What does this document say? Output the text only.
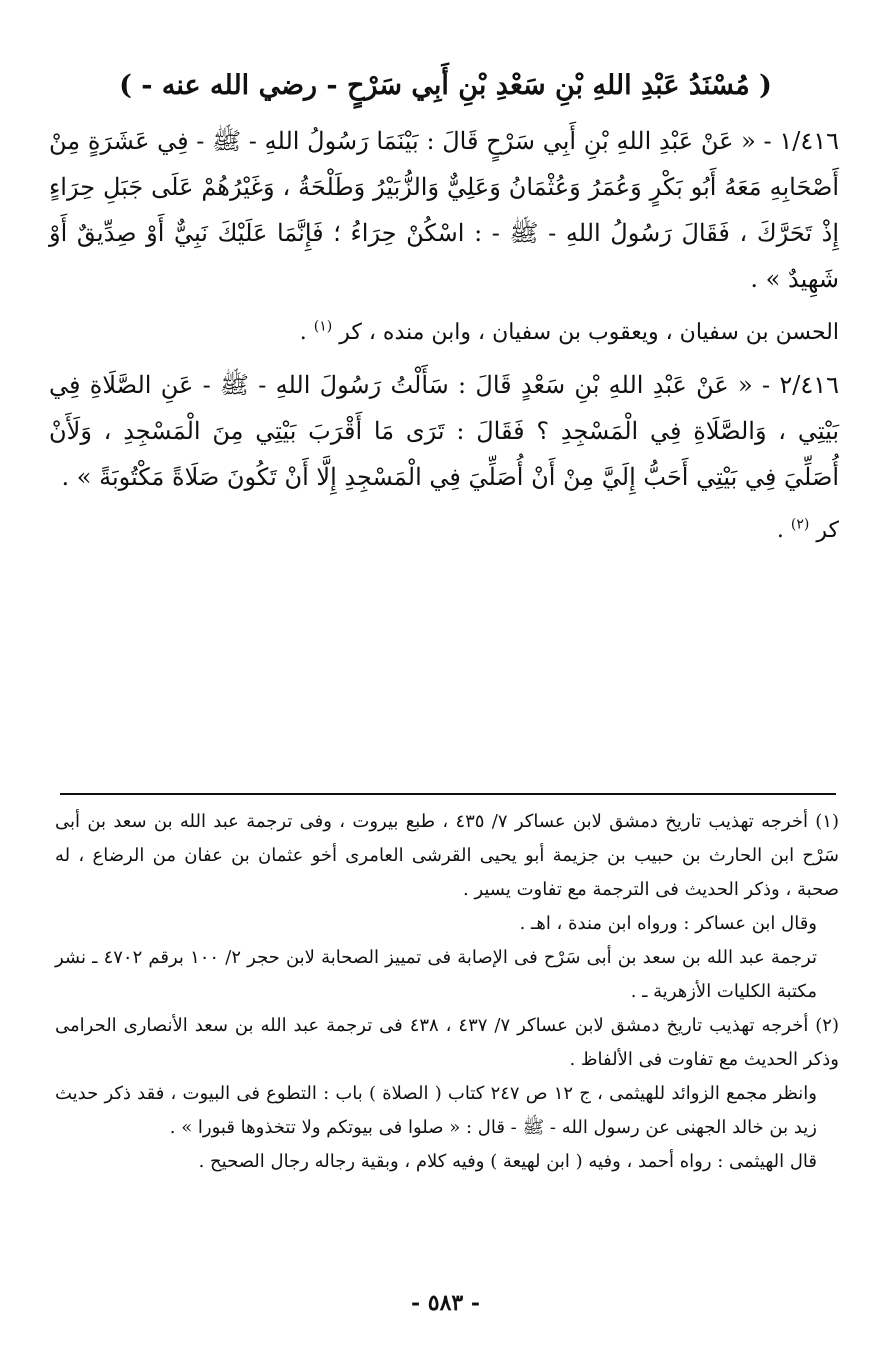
( مُسْنَدُ عَبْدِ اللهِ بْنِ سَعْدِ بْنِ أَبِي سَرْحٍ - رضي الله عنه - )

١/٤١٦ - « عَنْ عَبْدِ اللهِ بْنِ أَبِي سَرْحٍ قَالَ : بَيْنَمَا رَسُولُ اللهِ - ﷺ - فِي عَشَرَةٍ مِنْ أَصْحَابِهِ مَعَهُ أَبُو بَكْرٍ وَعُمَرُ وَعُثْمَانُ وَعَلِيٌّ وَالزُّبَيْرُ وَطَلْحَةُ ، وَغَيْرُهُمْ عَلَى جَبَلِ حِرَاءٍ إِذْ تَحَرَّكَ ، فَقَالَ رَسُولُ اللهِ - ﷺ - : اسْكُنْ حِرَاءُ ؛ فَإِنَّمَا عَلَيْكَ نَبِيٌّ أَوْ صِدِّيقٌ أَوْ شَهِيدٌ » .

الحسن بن سفيان ، ويعقوب بن سفيان ، وابن منده ، كر $^{(١)}$ .

٢/٤١٦ - « عَنْ عَبْدِ اللهِ بْنِ سَعْدٍ قَالَ : سَأَلْتُ رَسُولَ اللهِ - ﷺ - عَنِ الصَّلَاةِ فِي بَيْتِي ، وَالصَّلَاةِ فِي الْمَسْجِدِ ؟ فَقَالَ : تَرَى مَا أَقْرَبَ بَيْتِي مِنَ الْمَسْجِدِ ، وَلَأَنْ أُصَلِّيَ فِي بَيْتِي أَحَبُّ إِلَيَّ مِنْ أَنْ أُصَلِّيَ فِي الْمَسْجِدِ إِلَّا أَنْ تَكُونَ صَلَاةً مَكْتُوبَةً » .

كر $^{(٢)}$ .

(١) أخرجه تهذيب تاريخ دمشق لابن عساكر ٧/ ٤٣٥ ، طبع بيروت ، وفى ترجمة عبد الله بن سعد بن أبى سَرْح ابن الحارث بن حبيب بن جزيمة أبو يحيى القرشى العامرى أخو عثمان بن عفان من الرضاع ، له صحبة ، وذكر الحديث فى الترجمة مع تفاوت يسير .

وقال ابن عساكر : ورواه ابن مندة ، اهـ .

ترجمة عبد الله بن سعد بن أبى سَرْح فى الإصابة فى تمييز الصحابة لابن حجر ٢/ ١٠٠ برقم ٤٧٠٢ ـ نشر مكتبة الكليات الأزهرية ـ .

(٢) أخرجه تهذيب تاريخ دمشق لابن عساكر ٧/ ٤٣٧ ، ٤٣٨ فى ترجمة عبد الله بن سعد الأنصارى الحرامى وذكر الحديث مع تفاوت فى الألفاظ .

وانظر مجمع الزوائد للهيثمى ، ج ١٢ ص ٢٤٧ كتاب ( الصلاة ) باب : التطوع فى البيوت ، فقد ذكر حديث زيد بن خالد الجهنى عن رسول الله - ﷺ - قال : « صلوا فى بيوتكم ولا تتخذوها قبورا » .

قال الهيثمى : رواه أحمد ، وفيه ( ابن لهيعة ) وفيه كلام ، وبقية رجاله رجال الصحيح .

- ٥٨٣ -
